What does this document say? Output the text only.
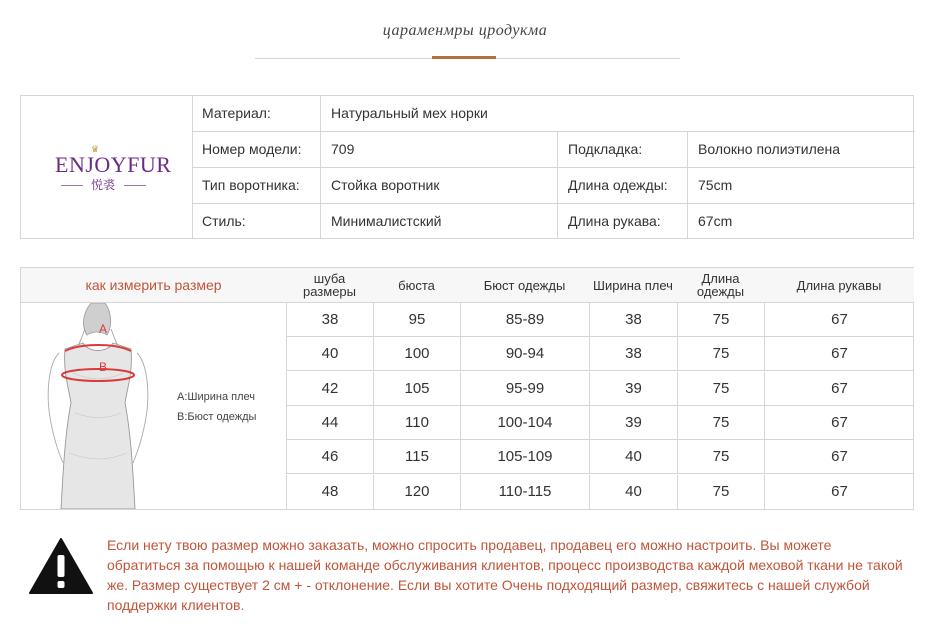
цараменмры цродукма
♛
ENJOYFUR
悦裘
Материал:	Натуральный мех норки
Номер модели:	709	Подкладка:	Волокно полиэтилена
Тип воротника:	Стойка воротник	Длина одежды:	75cm
Стиль:	Минималистский	Длина рукава:	67cm
как измерить размер
A
B
A:Ширина плеч
B:Бюст одежды
шуба размеры	бюста	Бюст одежды	Ширина плеч	Длина одежды	Длина рукавы
38	95	85-89	38	75	67
40	100	90-94	38	75	67
42	105	95-99	39	75	67
44	110	100-104	39	75	67
46	115	105-109	40	75	67
48	120	110-115	40	75	67
Если нету твою размер можно заказать, можно спросить продавец, продавец его можно настроить. Вы можете обратиться за помощью к нашей команде обслуживания клиентов, процесс производства каждой меховой ткани не такой же. Размер существует 2 см + - отклонение. Если вы хотите Очень подходящий размер, свяжитесь с нашей службой поддержки клиентов.
